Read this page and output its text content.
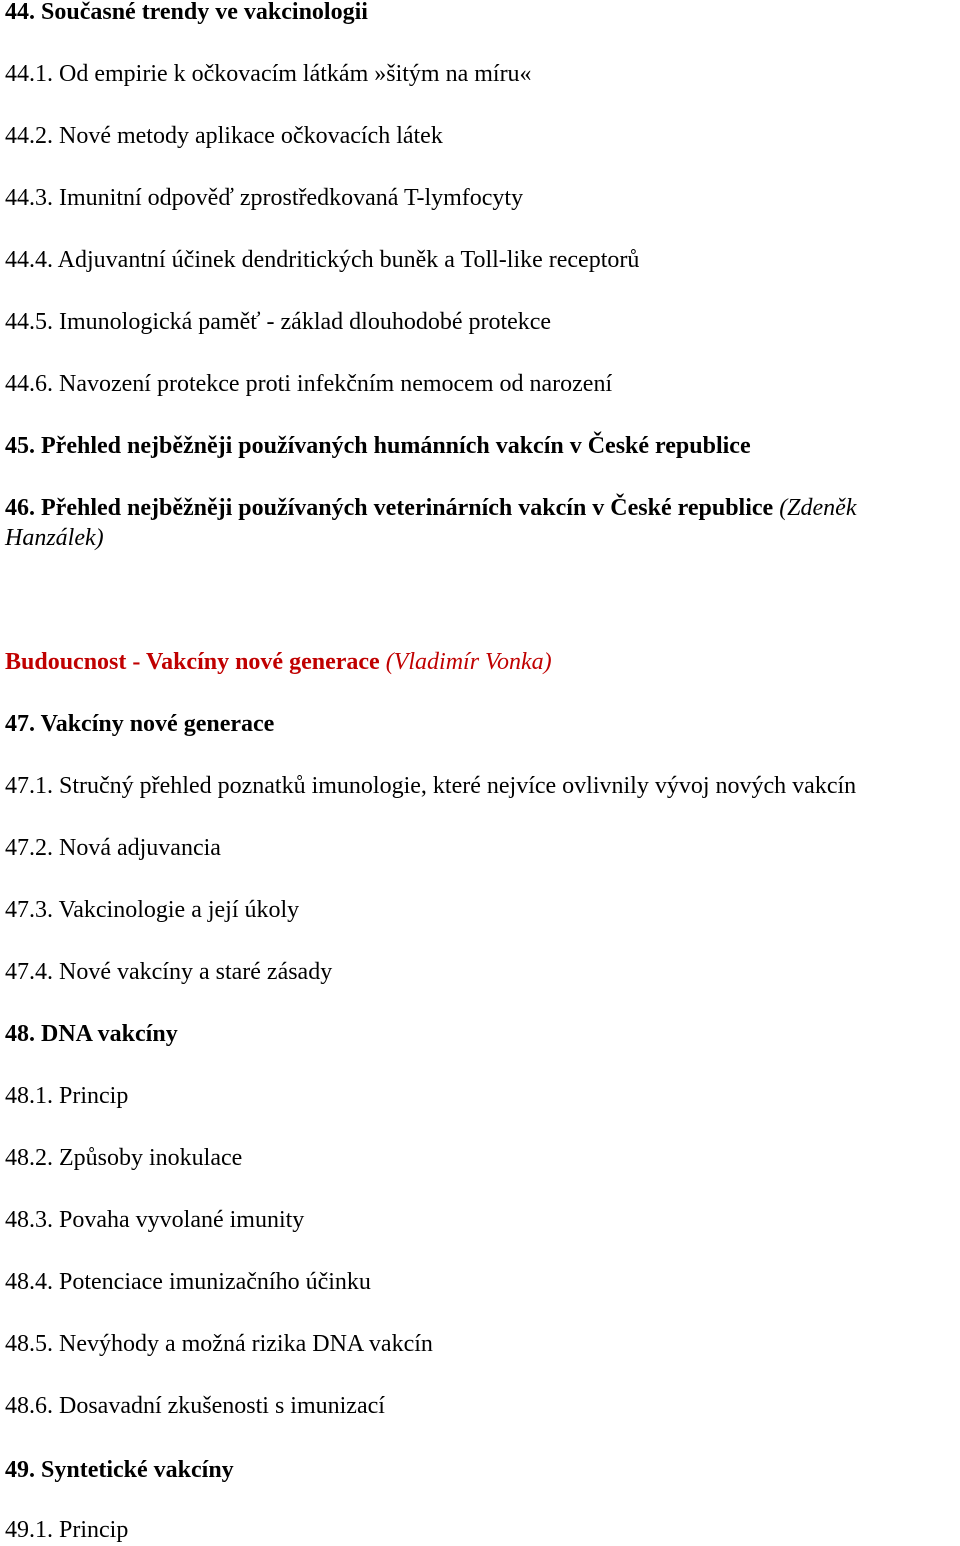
44. Současné trendy ve vakcinologii
44.1. Od empirie k očkovacím látkám »šitým na míru«
44.2. Nové metody aplikace očkovacích látek
44.3. Imunitní odpověď zprostředkovaná T-lymfocyty
44.4. Adjuvantní účinek dendritických buněk a Toll-like receptorů
44.5. Imunologická paměť - základ dlouhodobé protekce
44.6. Navození protekce proti infekčním nemocem od narození
45. Přehled nejběžněji používaných humánních vakcín v České republice
46. Přehled nejběžněji používaných veterinárních vakcín v České republice (Zdeněk Hanzálek)
Budoucnost - Vakcíny nové generace (Vladimír Vonka)
47. Vakcíny nové generace
47.1. Stručný přehled poznatků imunologie, které nejvíce ovlivnily vývoj nových vakcín
47.2. Nová adjuvancia
47.3. Vakcinologie a její úkoly
47.4. Nové vakcíny a staré zásady
48. DNA vakcíny
48.1. Princip
48.2. Způsoby inokulace
48.3. Povaha vyvolané imunity
48.4. Potenciace imunizačního účinku
48.5. Nevýhody a možná rizika DNA vakcín
48.6. Dosavadní zkušenosti s imunizací
49. Syntetické vakcíny
49.1. Princip
